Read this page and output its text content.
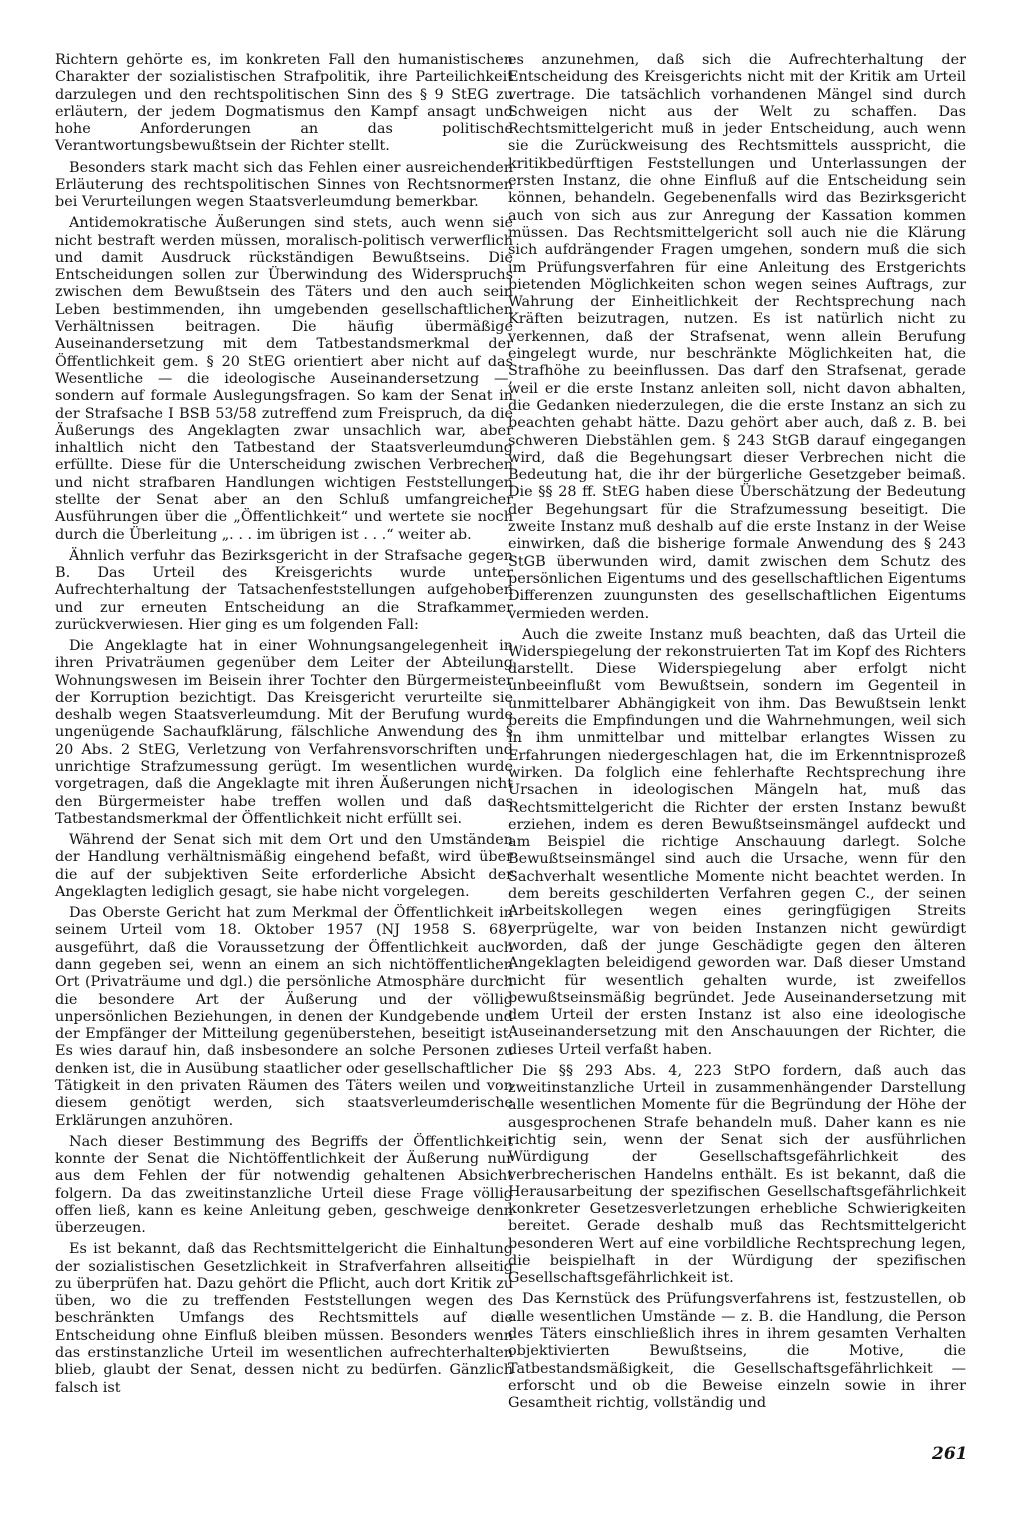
Richtern gehörte es, im konkreten Fall den humanistischen Charakter der sozialistischen Strafpolitik, ihre Parteilichkeit darzulegen und den rechtspolitischen Sinn des § 9 StEG zu erläutern, der jedem Dogmatismus den Kampf ansagt und hohe Anforderungen an das politische Verantwortungsbewußtsein der Richter stellt.

Besonders stark macht sich das Fehlen einer ausreichenden Erläuterung des rechtspolitischen Sinnes von Rechtsnormen bei Verurteilungen wegen Staatsverleumdung bemerkbar.

Antidemokratische Äußerungen sind stets, auch wenn sie nicht bestraft werden müssen, moralisch-politisch verwerflich und damit Ausdruck rückständigen Bewußtseins. Die Entscheidungen sollen zur Überwindung des Widerspruchs zwischen dem Bewußtsein des Täters und den auch sein Leben bestimmenden, ihn umgebenden gesellschaftlichen Verhältnissen beitragen. Die häufig übermäßige Auseinandersetzung mit dem Tatbestandsmerkmal der Öffentlichkeit gem. § 20 StEG orientiert aber nicht auf das Wesentliche — die ideologische Auseinandersetzung —, sondern auf formale Auslegungsfragen. So kam der Senat in der Strafsache I BSB 53/58 zutreffend zum Freispruch, da die Äußerungs des Angeklagten zwar unsachlich war, aber inhaltlich nicht den Tatbestand der Staatsverleumdung erfüllte. Diese für die Unterscheidung zwischen Verbrechen und nicht strafbaren Handlungen wichtigen Feststellungen stellte der Senat aber an den Schluß umfangreicher Ausführungen über die „Öffentlichkeit“ und wertete sie noch durch die Überleitung „. . . im übrigen ist . . .“ weiter ab.

Ähnlich verfuhr das Bezirksgericht in der Strafsache gegen B. Das Urteil des Kreisgerichts wurde unter Aufrechterhaltung der Tatsachenfeststellungen aufgehoben und zur erneuten Entscheidung an die Strafkammer zurückverwiesen. Hier ging es um folgenden Fall:

Die Angeklagte hat in einer Wohnungsangelegenheit in ihren Privaträumen gegenüber dem Leiter der Abteilung Wohnungswesen im Beisein ihrer Tochter den Bürgermeister der Korruption bezichtigt. Das Kreisgericht verurteilte sie deshalb wegen Staatsverleumdung. Mit der Berufung wurde ungenügende Sachaufklärung, fälschliche Anwendung des § 20 Abs. 2 StEG, Verletzung von Verfahrensvorschriften und unrichtige Strafzumessung gerügt. Im wesentlichen wurde vorgetragen, daß die Angeklagte mit ihren Äußerungen nicht den Bürgermeister habe treffen wollen und daß das Tatbestandsmerkmal der Öffentlichkeit nicht erfüllt sei.

Während der Senat sich mit dem Ort und den Umständen der Handlung verhältnismäßig eingehend befaßt, wird über die auf der subjektiven Seite erforderliche Absicht der Angeklagten lediglich gesagt, sie habe nicht vorgelegen.

Das Oberste Gericht hat zum Merkmal der Öffentlichkeit in seinem Urteil vom 18. Oktober 1957 (NJ 1958 S. 68) ausgeführt, daß die Voraussetzung der Öffentlichkeit auch dann gegeben sei, wenn an einem an sich nichtöffentlichen Ort (Privaträume und dgl.) die persönliche Atmosphäre durch die besondere Art der Äußerung und der völlig unpersönlichen Beziehungen, in denen der Kundgebende und der Empfänger der Mitteilung gegenüberstehen, beseitigt ist. Es wies darauf hin, daß insbesondere an solche Personen zu denken ist, die in Ausübung staatlicher oder gesellschaftlicher Tätigkeit in den privaten Räumen des Täters weilen und von diesem genötigt werden, sich staatsverleumderische Erklärungen anzuhören.

Nach dieser Bestimmung des Begriffs der Öffentlichkeit konnte der Senat die Nichtöffentlichkeit der Äußerung nur aus dem Fehlen der für notwendig gehaltenen Absicht folgern. Da das zweitinstanzliche Urteil diese Frage völlig offen ließ, kann es keine Anleitung geben, geschweige denn überzeugen.

Es ist bekannt, daß das Rechtsmittelgericht die Einhaltung der sozialistischen Gesetzlichkeit in Strafverfahren allseitig zu überprüfen hat. Dazu gehört die Pflicht, auch dort Kritik zu üben, wo die zu treffenden Feststellungen wegen des beschränkten Umfangs des Rechtsmittels auf die Entscheidung ohne Einfluß bleiben müssen. Besonders wenn das erstinstanzliche Urteil im wesentlichen aufrechterhalten blieb, glaubt der Senat, dessen nicht zu bedürfen. Gänzlich falsch ist

es anzunehmen, daß sich die Aufrechterhaltung der Entscheidung des Kreisgerichts nicht mit der Kritik am Urteil vertrage. Die tatsächlich vorhandenen Mängel sind durch Schweigen nicht aus der Welt zu schaffen. Das Rechtsmittelgericht muß in jeder Entscheidung, auch wenn sie die Zurückweisung des Rechtsmittels ausspricht, die kritikbedürftigen Feststellungen und Unterlassungen der ersten Instanz, die ohne Einfluß auf die Entscheidung sein können, behandeln. Gegebenenfalls wird das Bezirksgericht auch von sich aus zur Anregung der Kassation kommen müssen. Das Rechtsmittelgericht soll auch nie die Klärung sich aufdrängender Fragen umgehen, sondern muß die sich im Prüfungsverfahren für eine Anleitung des Erstgerichts bietenden Möglichkeiten schon wegen seines Auftrags, zur Wahrung der Einheitlichkeit der Rechtsprechung nach Kräften beizutragen, nutzen. Es ist natürlich nicht zu verkennen, daß der Strafsenat, wenn allein Berufung eingelegt wurde, nur beschränkte Möglichkeiten hat, die Strafhöhe zu beeinflussen. Das darf den Strafsenat, gerade weil er die erste Instanz anleiten soll, nicht davon abhalten, die Gedanken niederzulegen, die die erste Instanz an sich zu beachten gehabt hätte. Dazu gehört aber auch, daß z. B. bei schweren Diebstählen gem. § 243 StGB darauf eingegangen wird, daß die Begehungsart dieser Verbrechen nicht die Bedeutung hat, die ihr der bürgerliche Gesetzgeber beimaß. Die §§ 28 ff. StEG haben diese Überschätzung der Bedeutung der Begehungsart für die Strafzumessung beseitigt. Die zweite Instanz muß deshalb auf die erste Instanz in der Weise einwirken, daß die bisherige formale Anwendung des § 243 StGB überwunden wird, damit zwischen dem Schutz des persönlichen Eigentums und des gesellschaftlichen Eigentums Differenzen zuungunsten des gesellschaftlichen Eigentums vermieden werden.

Auch die zweite Instanz muß beachten, daß das Urteil die Widerspiegelung der rekonstruierten Tat im Kopf des Richters darstellt. Diese Widerspiegelung aber erfolgt nicht unbeeinflußt vom Bewußtsein, sondern im Gegenteil in unmittelbarer Abhängigkeit von ihm. Das Bewußtsein lenkt bereits die Empfindungen und die Wahrnehmungen, weil sich in ihm unmittelbar und mittelbar erlangtes Wissen zu Erfahrungen niedergeschlagen hat, die im Erkenntnisprozeß wirken. Da folglich eine fehlerhafte Rechtsprechung ihre Ursachen in ideologischen Mängeln hat, muß das Rechtsmittelgericht die Richter der ersten Instanz bewußt erziehen, indem es deren Bewußtseinsmängel aufdeckt und am Beispiel die richtige Anschauung darlegt. Solche Bewußtseinsmängel sind auch die Ursache, wenn für den Sachverhalt wesentliche Momente nicht beachtet werden. In dem bereits geschilderten Verfahren gegen C., der seinen Arbeitskollegen wegen eines geringfügigen Streits verprügelte, war von beiden Instanzen nicht gewürdigt worden, daß der junge Geschädigte gegen den älteren Angeklagten beleidigend geworden war. Daß dieser Umstand nicht für wesentlich gehalten wurde, ist zweifellos bewußtseinsmäßig begründet. Jede Auseinandersetzung mit dem Urteil der ersten Instanz ist also eine ideologische Auseinandersetzung mit den Anschauungen der Richter, die dieses Urteil verfaßt haben.

Die §§ 293 Abs. 4, 223 StPO fordern, daß auch das zweitinstanzliche Urteil in zusammenhängender Darstellung alle wesentlichen Momente für die Begründung der Höhe der ausgesprochenen Strafe behandeln muß. Daher kann es nie richtig sein, wenn der Senat sich der ausführlichen Würdigung der Gesellschaftsgefährlichkeit des verbrecherischen Handelns enthält. Es ist bekannt, daß die Herausarbeitung der spezifischen Gesellschaftsgefährlichkeit konkreter Gesetzesverletzungen erhebliche Schwierigkeiten bereitet. Gerade deshalb muß das Rechtsmittelgericht besonderen Wert auf eine vorbildliche Rechtsprechung legen, die beispielhaft in der Würdigung der spezifischen Gesellschaftsgefährlichkeit ist.

Das Kernstück des Prüfungsverfahrens ist, festzustellen, ob alle wesentlichen Umstände — z. B. die Handlung, die Person des Täters einschließlich ihres in ihrem gesamten Verhalten objektivierten Bewußtseins, die Motive, die Tatbestandsmäßigkeit, die Gesellschaftsgefährlichkeit — erforscht und ob die Beweise einzeln sowie in ihrer Gesamtheit richtig, vollständig und

261
